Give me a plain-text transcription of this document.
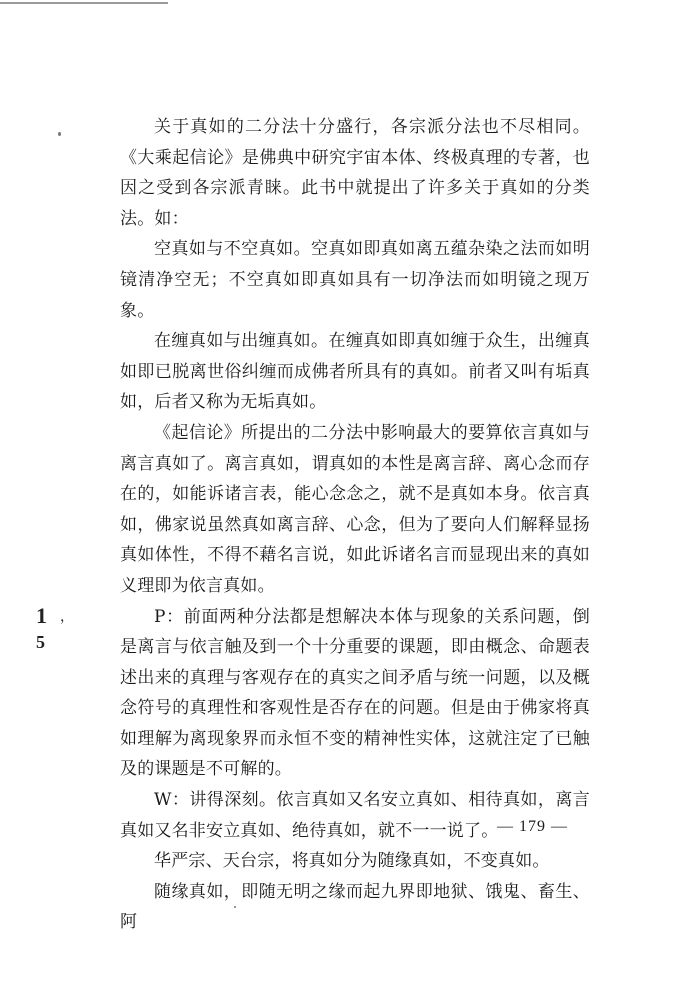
1 ，
5

关于真如的二分法十分盛行，各宗派分法也不尽相同。《大乘起信论》是佛典中研究宇宙本体、终极真理的专著，也因之受到各宗派青睐。此书中就提出了许多关于真如的分类法。如：

空真如与不空真如。空真如即真如离五蕴杂染之法而如明镜清净空无；不空真如即真如具有一切净法而如明镜之现万象。

在缠真如与出缠真如。在缠真如即真如缠于众生，出缠真如即已脱离世俗纠缠而成佛者所具有的真如。前者又叫有垢真如，后者又称为无垢真如。

《起信论》所提出的二分法中影响最大的要算依言真如与离言真如了。离言真如，谓真如的本性是离言辞、离心念而存在的，如能诉诸言表，能心念念之，就不是真如本身。依言真如，佛家说虽然真如离言辞、心念，但为了要向人们解释显扬真如体性，不得不藉名言说，如此诉诸名言而显现出来的真如义理即为依言真如。

P：前面两种分法都是想解决本体与现象的关系问题，倒是离言与依言触及到一个十分重要的课题，即由概念、命题表述出来的真理与客观存在的真实之间矛盾与统一问题，以及概念符号的真理性和客观性是否存在的问题。但是由于佛家将真如理解为离现象界而永恒不变的精神性实体，这就注定了已触及的课题是不可解的。

W：讲得深刻。依言真如又名安立真如、相待真如，离言真如又名非安立真如、绝待真如，就不一一说了。

华严宗、天台宗，将真如分为随缘真如，不变真如。

随缘真如，即随无明之缘而起九界即地狱、饿鬼、畜生、阿

— 179 —
